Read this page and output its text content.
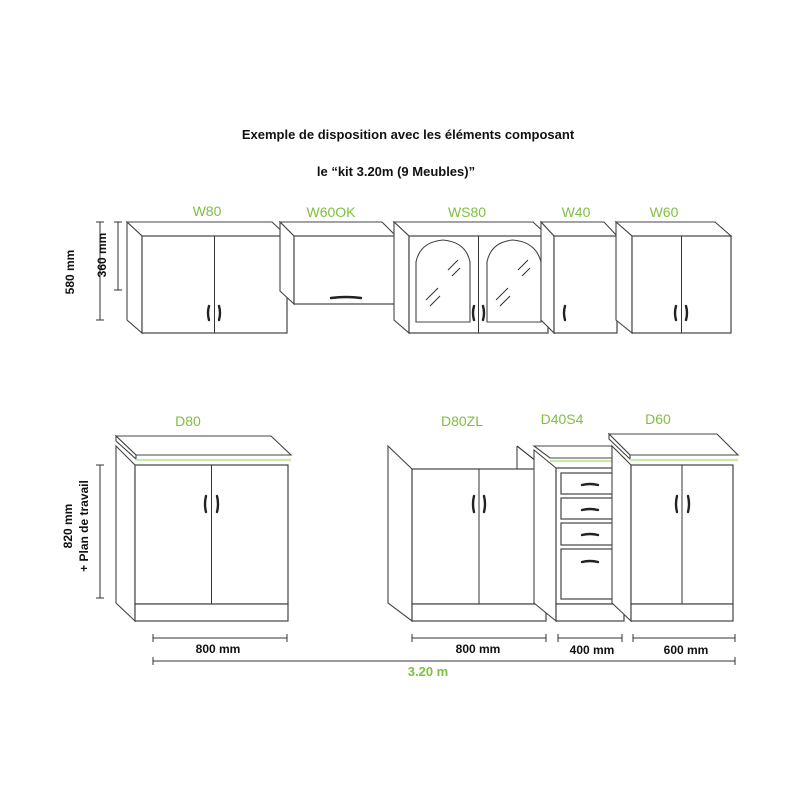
Exemple de disposition avec les éléments composant
le “kit 3.20m (9 Meubles)”
W80	W60OK	WS80	W40	W60
D80	D80ZL	D40S4	D60
580 mm 360 mm
820 mm + Plan de travail
800 mm	800 mm	400 mm	600 mm
3.20 m
